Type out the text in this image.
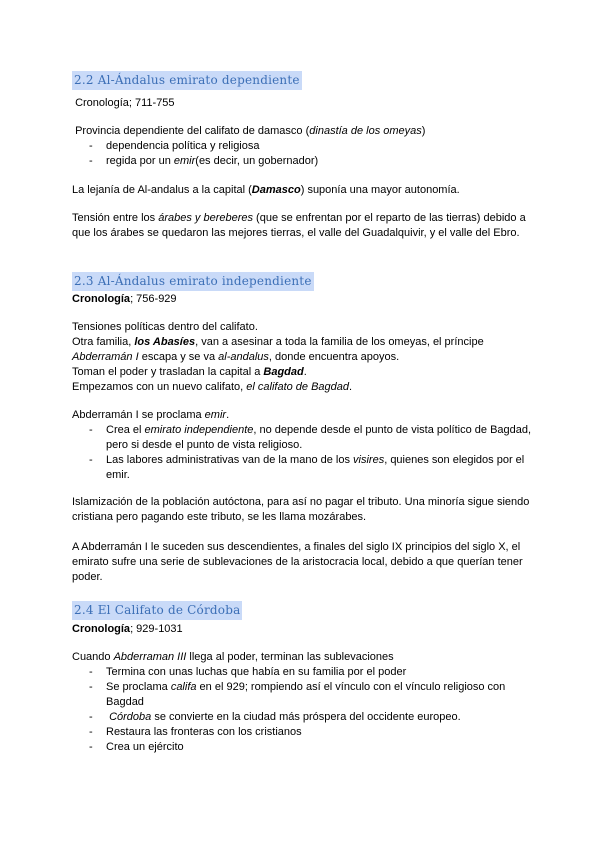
2.2 Al-Ándalus emirato dependiente

Cronología; 711-755

Provincia dependiente del califato de damasco (dinastía de los omeyas)

- dependencia política y religiosa
- regida por un emir(es decir, un gobernador)

La lejanía de Al-andalus a la capital (Damasco) suponía una mayor autonomía.

Tensión entre los árabes y bereberes (que se enfrentan por el reparto de las tierras) debido a que los árabes se quedaron las mejores tierras, el valle del Guadalquivir, y el valle del Ebro.

2.3 Al-Ándalus emirato independiente

Cronología; 756-929

Tensiones políticas dentro del califato.

Otra familia, los Abasíes, van a asesinar a toda la familia de los omeyas, el príncipe

Abderramán I escapa y se va al-andalus, donde encuentra apoyos.

Toman el poder y trasladan la capital a Bagdad.

Empezamos con un nuevo califato, el califato de Bagdad.

Abderramán I se proclama emir.

- Crea el emirato independiente, no depende desde el punto de vista político de Bagdad, pero si desde el punto de vista religioso.
- Las labores administrativas van de la mano de los visires, quienes son elegidos por el emir.

Islamización de la población autóctona, para así no pagar el tributo. Una minoría sigue siendo cristiana pero pagando este tributo, se les llama mozárabes.

A Abderramán I le suceden sus descendientes, a finales del siglo IX principios del siglo X, el emirato sufre una serie de sublevaciones de la aristocracia local, debido a que querían tener poder.

2.4 El Califato de Córdoba

Cronología; 929-1031

Cuando Abderraman III llega al poder, terminan las sublevaciones

- Termina con unas luchas que había en su familia por el poder
- Se proclama califa en el 929; rompiendo así el vínculo con el vínculo religioso con Bagdad
- Córdoba se convierte en la ciudad más próspera del occidente europeo.
- Restaura las fronteras con los cristianos
- Crea un ejército
